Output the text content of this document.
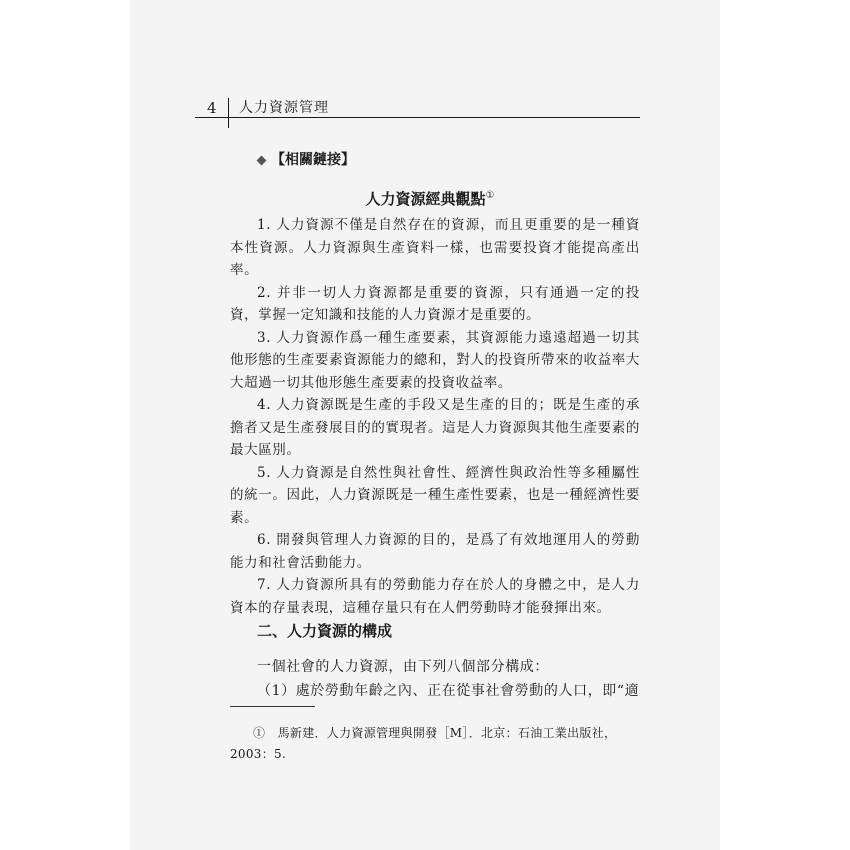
4 人力資源管理
【相關鏈接】
人力資源經典觀點①

1. 人力資源不僅是自然存在的資源，而且更重要的是一種資本性資源。人力資源與生產資料一樣，也需要投資才能提高產出率。

2. 并非一切人力資源都是重要的資源，只有通過一定的投資，掌握一定知識和技能的人力資源才是重要的。

3. 人力資源作爲一種生產要素，其資源能力遠遠超過一切其他形態的生產要素資源能力的總和，對人的投資所帶來的收益率大大超過一切其他形態生產要素的投資收益率。

4. 人力資源既是生產的手段又是生產的目的；既是生產的承擔者又是生產發展目的的實現者。這是人力資源與其他生產要素的最大區別。

5. 人力資源是自然性與社會性、經濟性與政治性等多種屬性的統一。因此，人力資源既是一種生產性要素，也是一種經濟性要素。

6. 開發與管理人力資源的目的，是爲了有效地運用人的勞動能力和社會活動能力。

7. 人力資源所具有的勞動能力存在於人的身體之中，是人力資本的存量表現，這種存量只有在人們勞動時才能發揮出來。

二、人力資源的構成

一個社會的人力資源，由下列八個部分構成：

（1）處於勞動年齡之內、正在從事社會勞動的人口，即“適

①　馬新建．人力資源管理與開發［M］．北京：石油工業出版社，
2003：5.
